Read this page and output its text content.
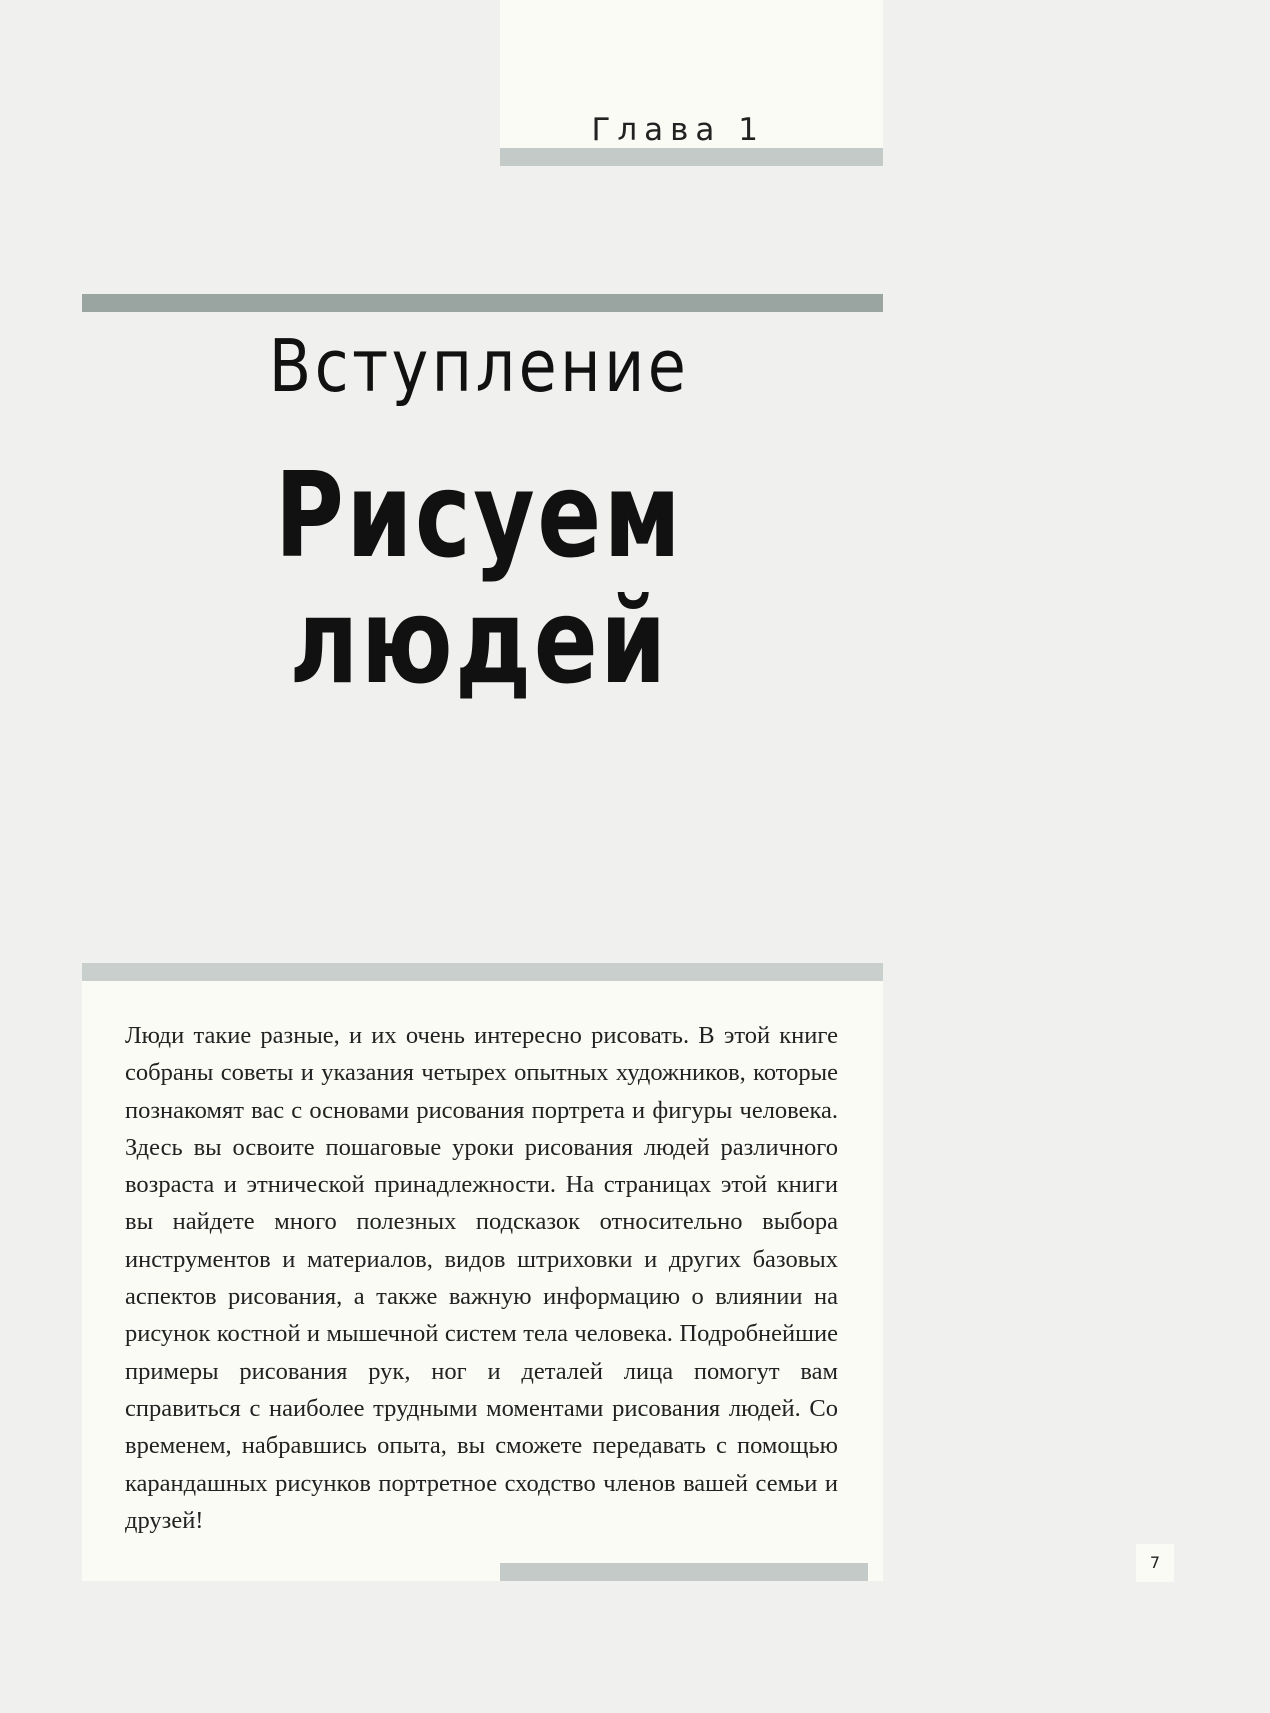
Глава 1
Вступление
Рисуем
людей

Люди такие разные, и их очень интересно рисовать. В этой книге собраны советы и указания четырех опытных художников, которые познакомят вас с основами рисования портрета и фигуры человека. Здесь вы освоите пошаговые уроки рисования людей различного возраста и этнической принадлежности. На страницах этой книги вы найдете много полезных подсказок относительно выбора инструментов и материалов, видов штриховки и других базовых аспектов рисования, а также важную информацию о влиянии на рисунок костной и мышечной систем тела человека. Подробнейшие примеры рисования рук, ног и деталей лица помогут вам справиться с наиболее трудными моментами рисования людей. Со временем, набравшись опыта, вы сможете передавать с помощью карандашных рисунков портретное сходство членов вашей семьи и друзей!

7
